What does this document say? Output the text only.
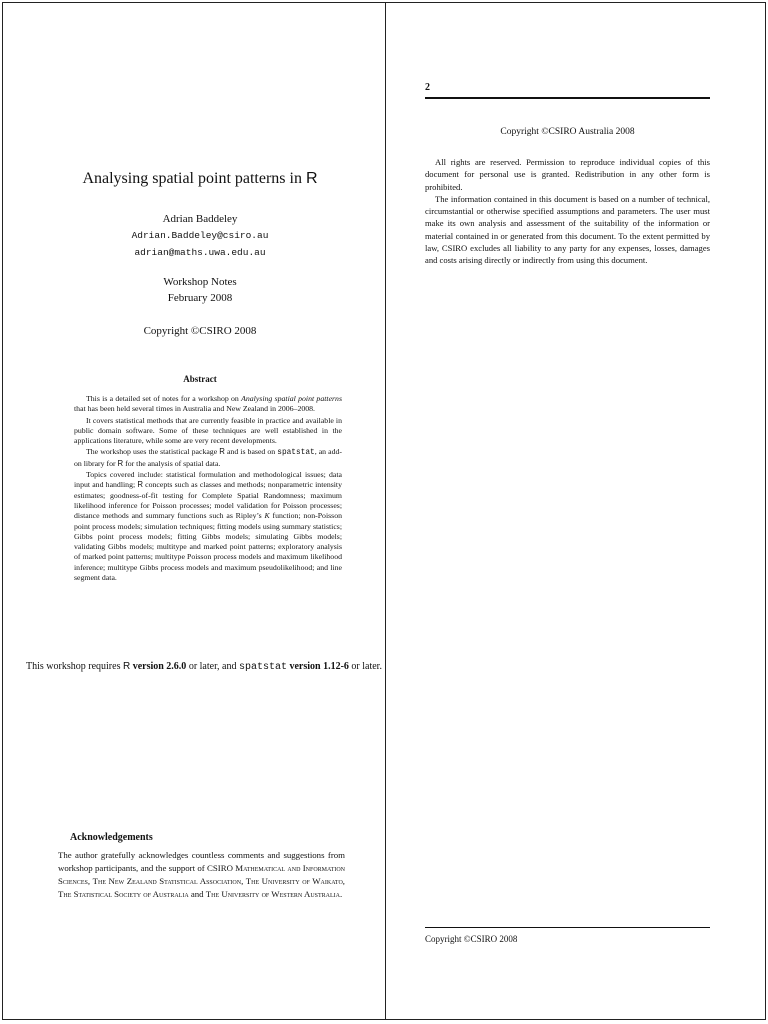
Analysing spatial point patterns in R
Adrian Baddeley
Adrian.Baddeley@csiro.au
adrian@maths.uwa.edu.au
Workshop Notes
February 2008
Copyright ©CSIRO 2008
Abstract

This is a detailed set of notes for a workshop on Analysing spatial point patterns that has been held several times in Australia and New Zealand in 2006–2008.

It covers statistical methods that are currently feasible in practice and available in public domain software. Some of these techniques are well established in the applications literature, while some are very recent developments.

The workshop uses the statistical package R and is based on spatstat, an add-on library for R for the analysis of spatial data.

Topics covered include: statistical formulation and methodological issues; data input and handling; R concepts such as classes and methods; nonparametric intensity estimates; goodness-of-fit testing for Complete Spatial Randomness; maximum likelihood inference for Poisson processes; model validation for Poisson processes; distance methods and summary functions such as Ripley’s K function; non-Poisson point process models; simulation techniques; fitting models using summary statistics; Gibbs point process models; fitting Gibbs models; simulating Gibbs models; validating Gibbs models; multitype and marked point patterns; exploratory analysis of marked point patterns; multitype Poisson process models and maximum likelihood inference; multitype Gibbs process models and maximum pseudolikelihood; and line segment data.

This workshop requires R version 2.6.0 or later, and spatstat version 1.12-6 or later.
Acknowledgements
The author gratefully acknowledges countless comments and suggestions from workshop participants, and the support of CSIRO Mathematical and Information Sciences, The New Zealand Statistical Association, The University of Waikato, The Statistical Society of Australia and The University of Western Australia.
2
Copyright ©CSIRO Australia 2008

All rights are reserved. Permission to reproduce individual copies of this document for personal use is granted. Redistribution in any other form is prohibited.

The information contained in this document is based on a number of technical, circumstantial or otherwise specified assumptions and parameters. The user must make its own analysis and assessment of the suitability of the information or material contained in or generated from this document. To the extent permitted by law, CSIRO excludes all liability to any party for any expenses, losses, damages and costs arising directly or indirectly from using this document.

Copyright ©CSIRO 2008
